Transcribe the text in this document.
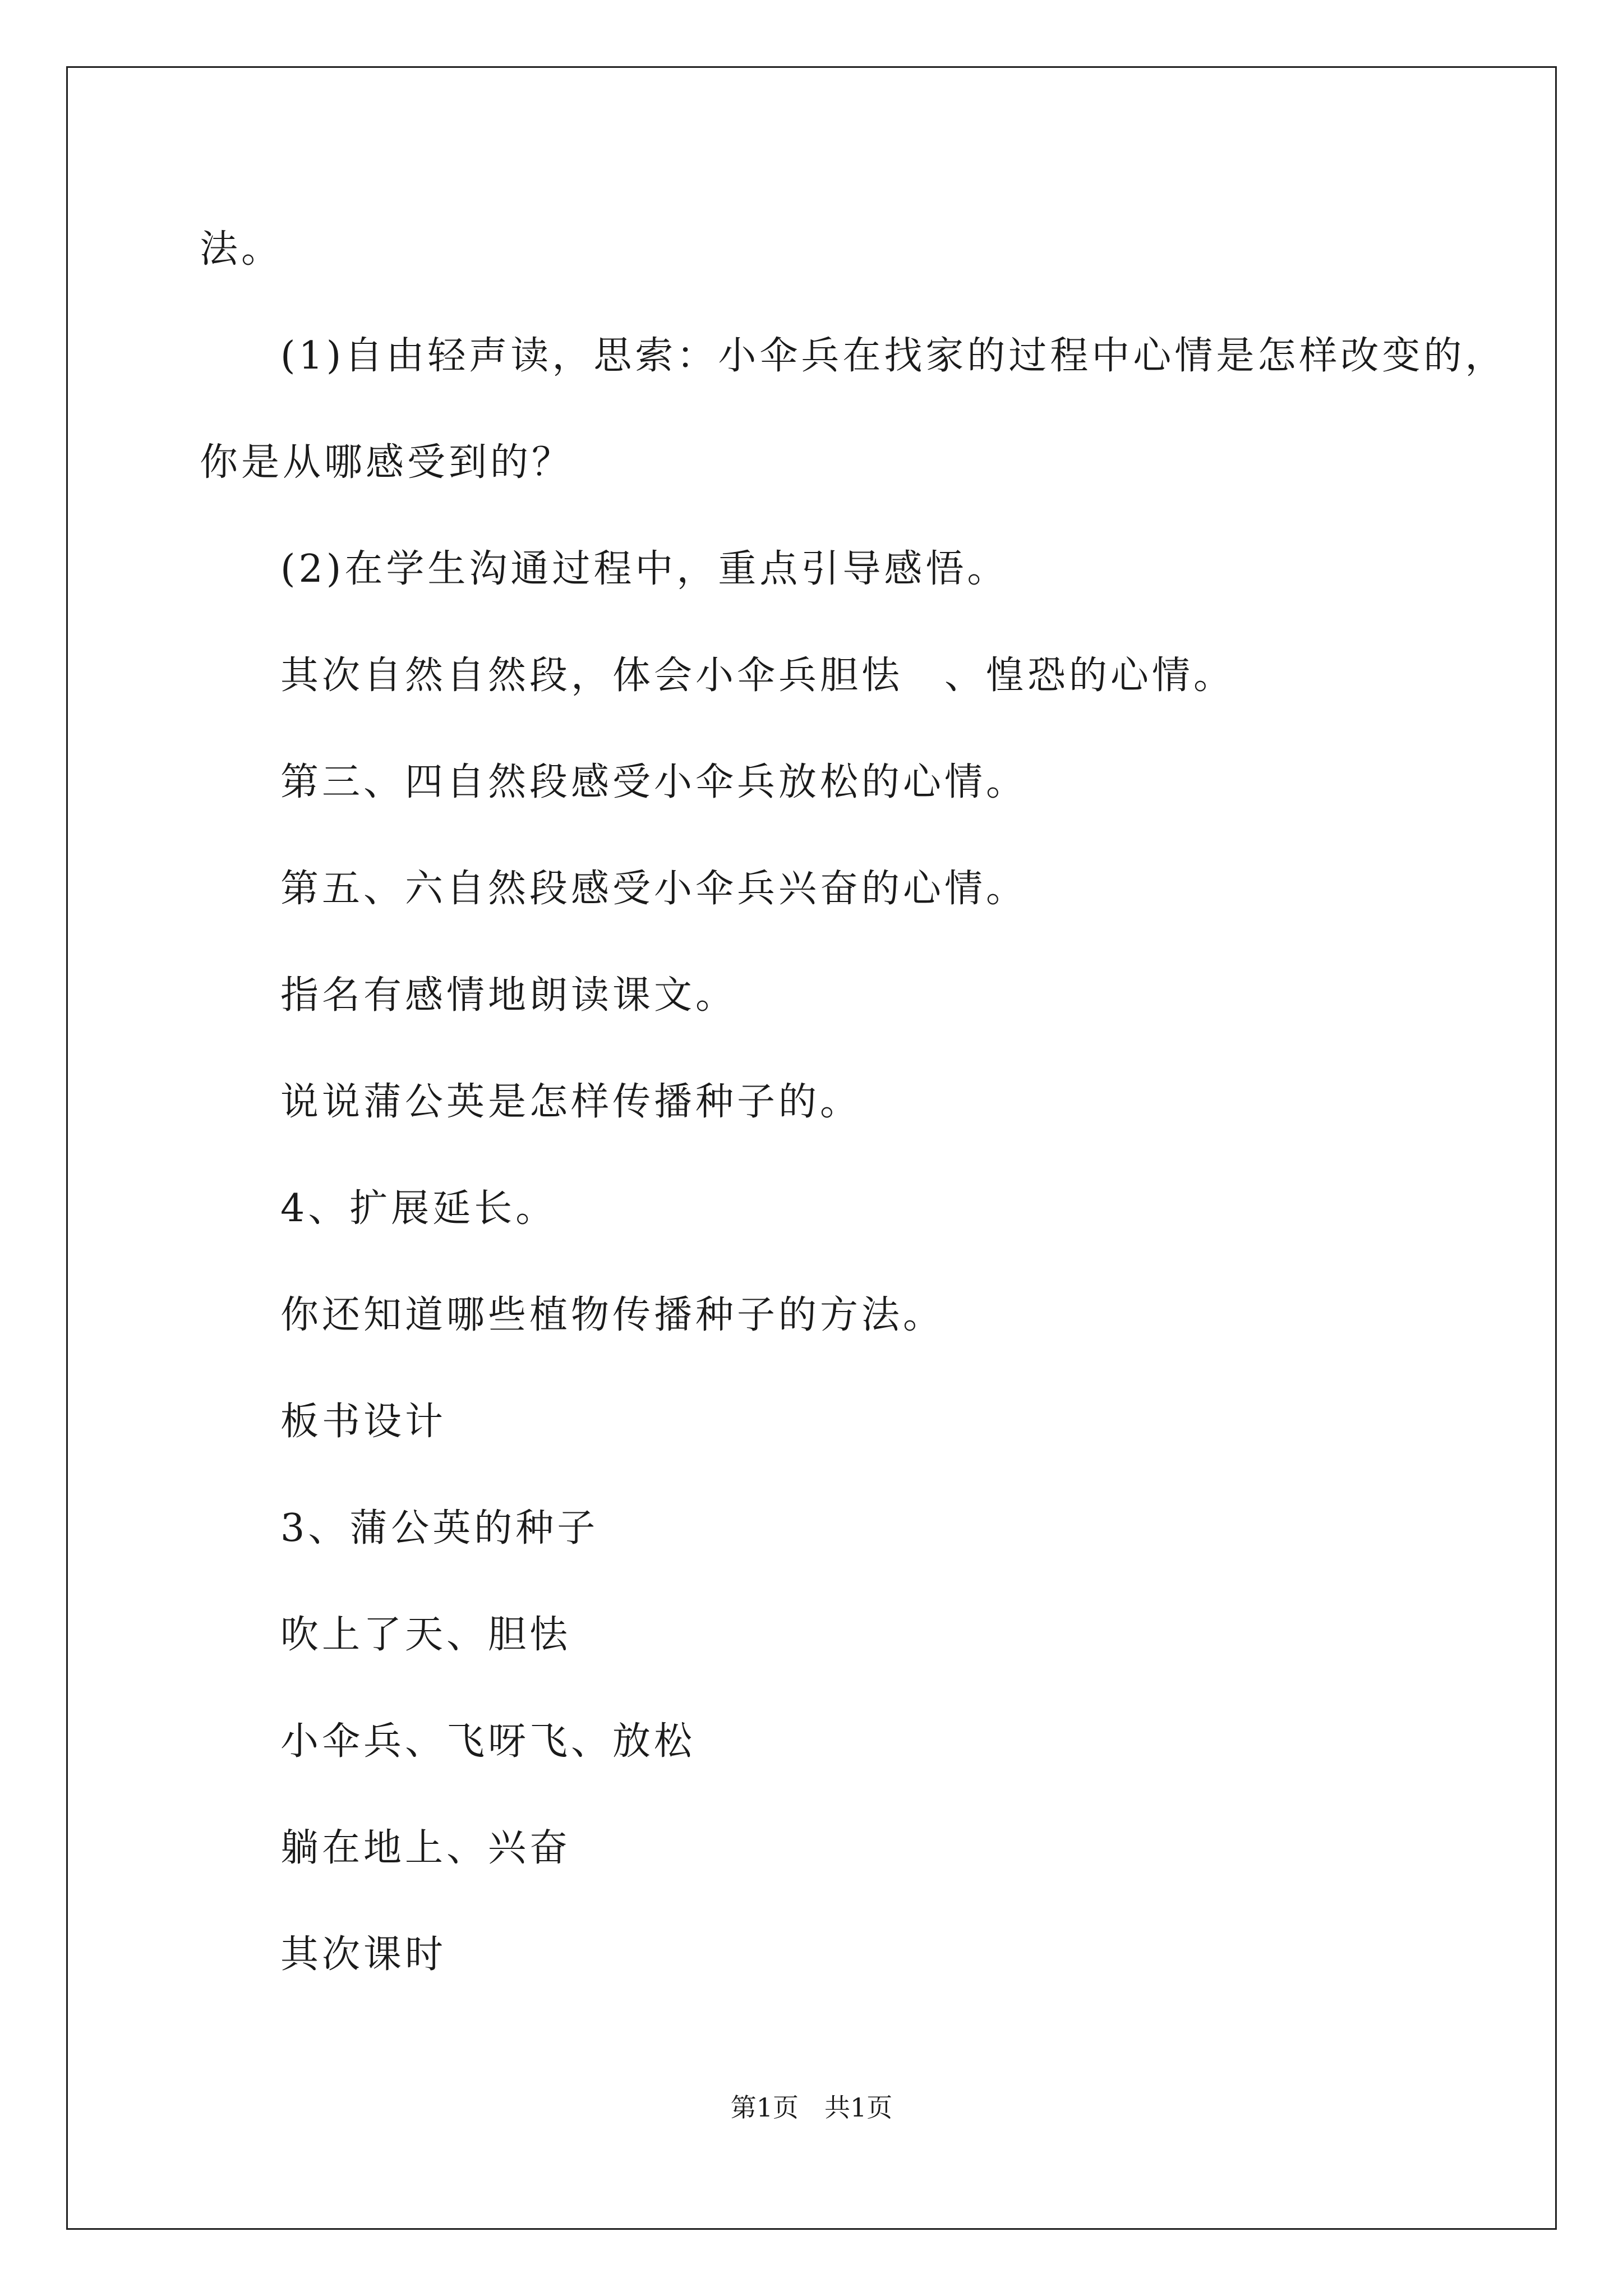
法。
(1)自由轻声读，思索：小伞兵在找家的过程中心情是怎样改变的，
你是从哪感受到的？
(2)在学生沟通过程中，重点引导感悟。
其次自然自然段，体会小伞兵胆怯　、惶恐的心情。
第三、四自然段感受小伞兵放松的心情。
第五、六自然段感受小伞兵兴奋的心情。
指名有感情地朗读课文。
说说蒲公英是怎样传播种子的。
4、扩展延长。
你还知道哪些植物传播种子的方法。
板书设计
3、蒲公英的种子
吹上了天、胆怯
小伞兵、飞呀飞、放松
躺在地上、兴奋
其次课时
第1页　共1页
